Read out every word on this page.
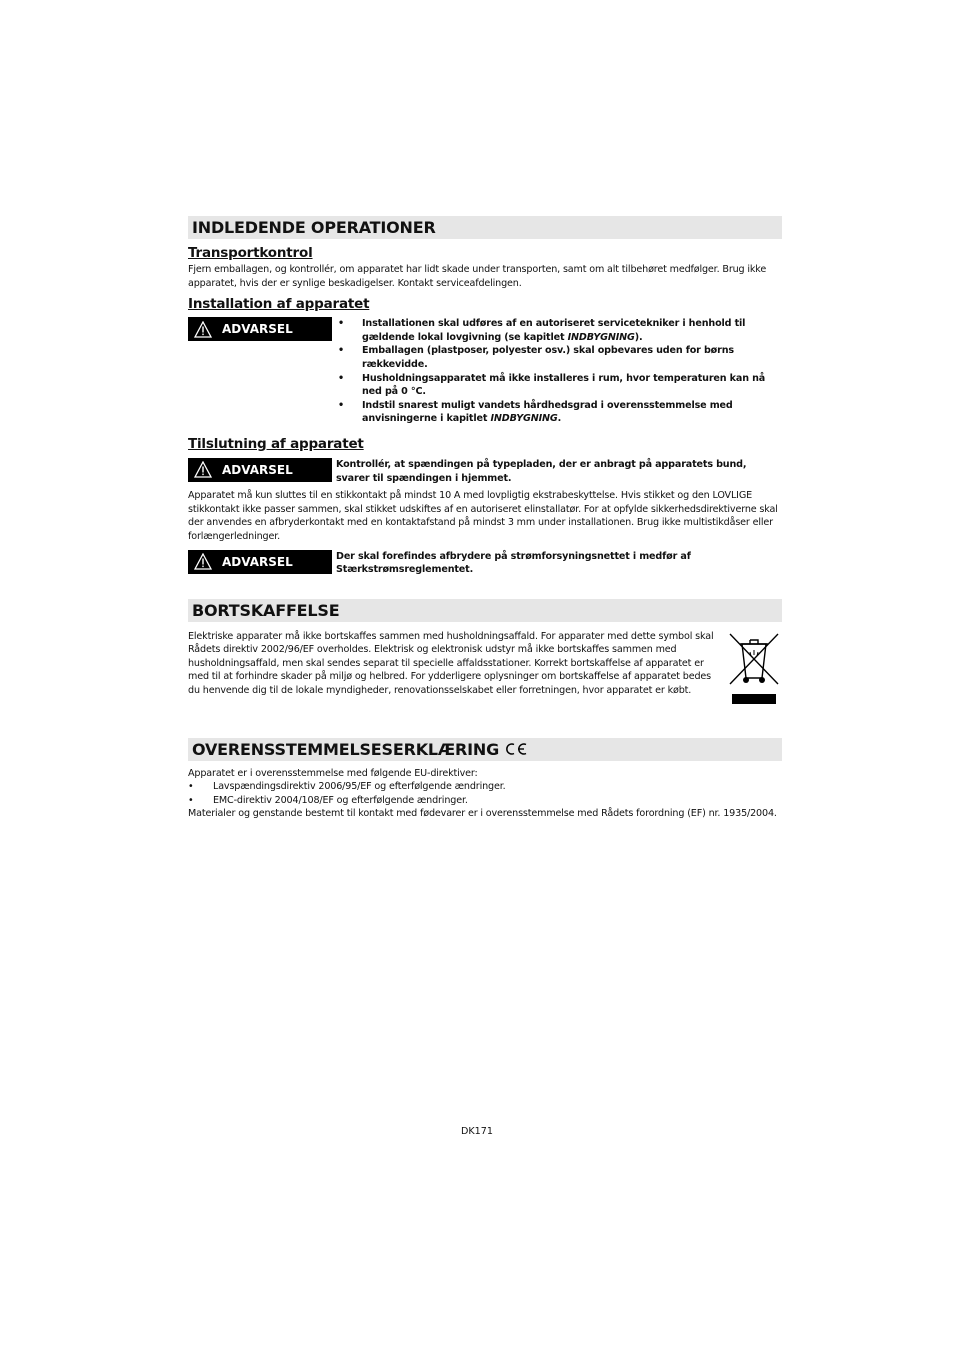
INDLEDENDE OPERATIONER

Transportkontrol

Fjern emballagen, og kontrollér, om apparatet har lidt skade under transporten, samt om alt tilbehøret medfølger. Brug ikke apparatet, hvis der er synlige beskadigelser. Kontakt serviceafdelingen.

Installation af apparatet

ADVARSEL
•	Installationen skal udføres af en autoriseret servicetekniker i henhold til gældende lokal lovgivning (se kapitlet INDBYGNING).
• Emballagen (plastposer, polyester osv.) skal opbevares uden for børns rækkevidde.
• Husholdningsapparatet må ikke installeres i rum, hvor temperaturen kan nå ned på 0 °C.
• Indstil snarest muligt vandets hårdhedsgrad i overensstemmelse med anvisningerne i kapitlet INDBYGNING.

Tilslutning af apparatet

ADVARSEL	Kontrollér, at spændingen på typepladen, der er anbragt på apparatets bund, svarer til spændingen i hjemmet.

Apparatet må kun sluttes til en stikkontakt på mindst 10 A med lovpligtig ekstrabeskyttelse. Hvis stikket og den LOVLIGE stikkontakt ikke passer sammen, skal stikket udskiftes af en autoriseret elinstallatør. For at opfylde sikkerhedsdirektiverne skal der anvendes en afbryderkontakt med en kontaktafstand på mindst 3 mm under installationen. Brug ikke multistikdåser eller forlængerledninger.

ADVARSEL	Der skal forefindes afbrydere på strømforsyningsnettet i medfør af Stærkstrømsreglementet.
BORTSKAFFELSE

Elektriske apparater må ikke bortskaffes sammen med husholdningsaffald. For apparater med dette symbol skal Rådets direktiv 2002/96/EF overholdes. Elektrisk og elektronisk udstyr må ikke bortskaffes sammen med husholdningsaffald, men skal sendes separat til specielle affaldsstationer. Korrekt bortskaffelse af apparatet er med til at forhindre skader på miljø og helbred. For ydderligere oplysninger om bortskaffelse af apparatet bedes du henvende dig til de lokale myndigheder, renovationsselskabet eller forretningen, hvor apparatet er købt.

OVERENSSTEMMELSESERKLÆRING

Apparatet er i overensstemmelse med følgende EU-direktiver:

• Lavspændingsdirektiv 2006/95/EF og efterfølgende ændringer.
• EMC-direktiv 2004/108/EF og efterfølgende ændringer.

Materialer og genstande bestemt til kontakt med fødevarer er i overensstemmelse med Rådets forordning (EF) nr. 1935/2004.

DK171
